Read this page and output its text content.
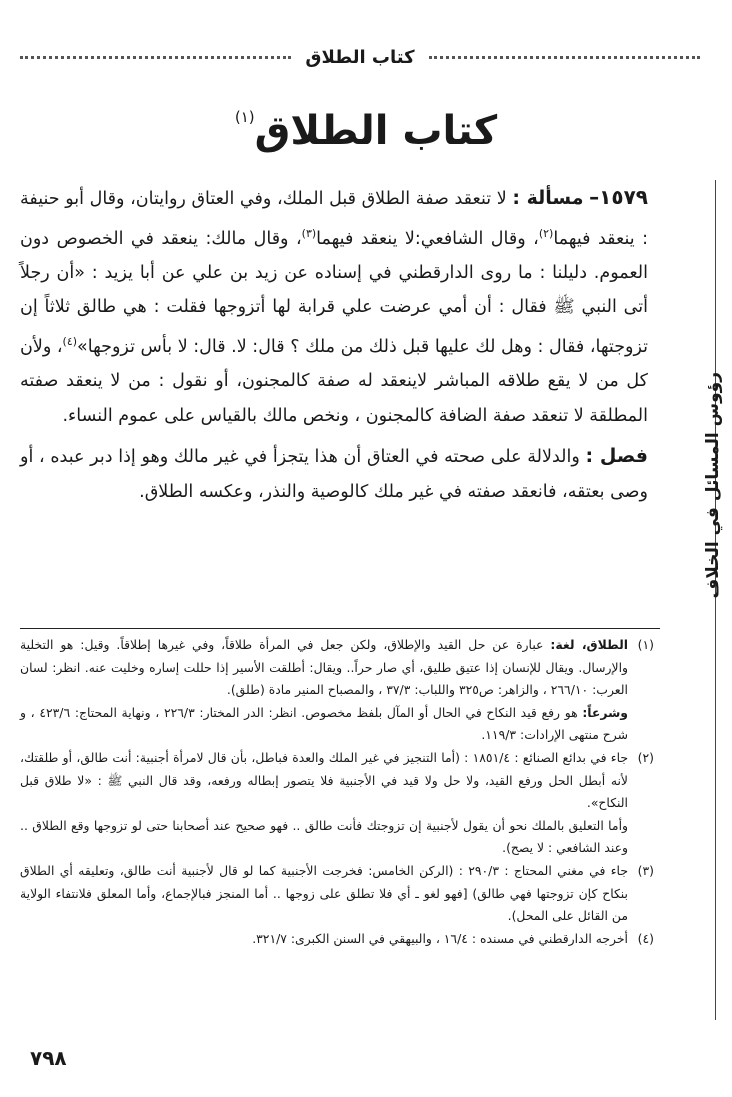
كتاب الطلاق
كتاب الطلاق$^{(١)}$
رؤوس المسائل في الخلاف

١٥٧٩– مسألة : لا تنعقد صفة الطلاق قبل الملك، وفي العتاق روايتان، وقال أبو حنيفة : ينعقد فيهما$^{(٢)}$، وقال الشافعي:لا ينعقد فيهما$^{(٣)}$، وقال مالك: ينعقد في الخصوص دون العموم. دليلنا : ما روى الدارقطني في إسناده عن زيد بن علي عن أبا يزيد : «أن رجلاً أتى النبي ﷺ فقال : أن أمي عرضت علي قرابة لها أتزوجها فقلت : هي طالق ثلاثاً إن تزوجتها، فقال : وهل لك عليها قبل ذلك من ملك ؟ قال: لا. قال: لا بأس تزوجها»$^{(٤)}$، ولأن كل من لا يقع طلاقه المباشر لاينعقد له صفة كالمجنون، أو نقول : من لا ينعقد صفته المطلقة لا تنعقد صفة الضافة كالمجنون ، ونخص مالك بالقياس على عموم النساء.

فصل : والدلالة على صحته في العتاق أن هذا يتجزأ في غير مالك وهو إذا دبر عبده ، أو وصى بعتقه، فانعقد صفته في غير ملك كالوصية والنذر، وعكسه الطلاق.

(١)

الطلاق، لغة: عبارة عن حل القيد والإطلاق، ولكن جعل في المرأة طلاقاً، وفي غيرها إطلاقاً. وقيل: هو التخلية والإرسال. ويقال للإنسان إذا عتيق طليق، أي صار حراً.. ويقال: أطلقت الأسير إذا حللت إساره وخليت عنه. انظر: لسان العرب: ٢٦٦/١٠ ، والزاهر: ص٣٢٥ واللباب: ٣٧/٣ ، والمصباح المنير مادة (طلق).

وشرعاً: هو رفع قيد النكاح في الحال أو المآل بلفظ مخصوص. انظر: الدر المختار: ٢٢٦/٣ ، ونهاية المحتاج: ٤٢٣/٦ ، و شرح منتهى الإرادات: ١١٩/٣.

(٢)

جاء في بدائع الصنائع : ١٨٥١/٤ : (أما التنجيز في غير الملك والعدة فباطل، بأن قال لامرأة أجنبية: أنت طالق، أو طلقتك، لأنه أبطل الحل ورفع القيد، ولا حل ولا قيد في الأجنبية فلا يتصور إبطاله ورفعه، وقد قال النبي ﷺ : «لا طلاق قبل النكاح».

وأما التعليق بالملك نحو أن يقول لأجنبية إن تزوجتك فأنت طالق .. فهو صحيح عند أصحابنا حتى لو تزوجها وقع الطلاق .. وعند الشافعي : لا يصح).

(٣)

جاء في مغني المحتاج : ٢٩٠/٣ : (الركن الخامس: فخرجت الأجنبية كما لو قال لأجنبية أنت طالق، وتعليقه أي الطلاق بنكاح كإن تزوجتها فهي طالق) [فهو لغو ـ أي فلا تطلق على زوجها .. أما المنجز فبالإجماع، وأما المعلق فلانتفاء الولاية من القائل على المحل).

(٤)

أخرجه الدارقطني في مسنده : ١٦/٤ ، والبيهقي في السنن الكبرى: ٣٢١/٧.

٧٩٨
